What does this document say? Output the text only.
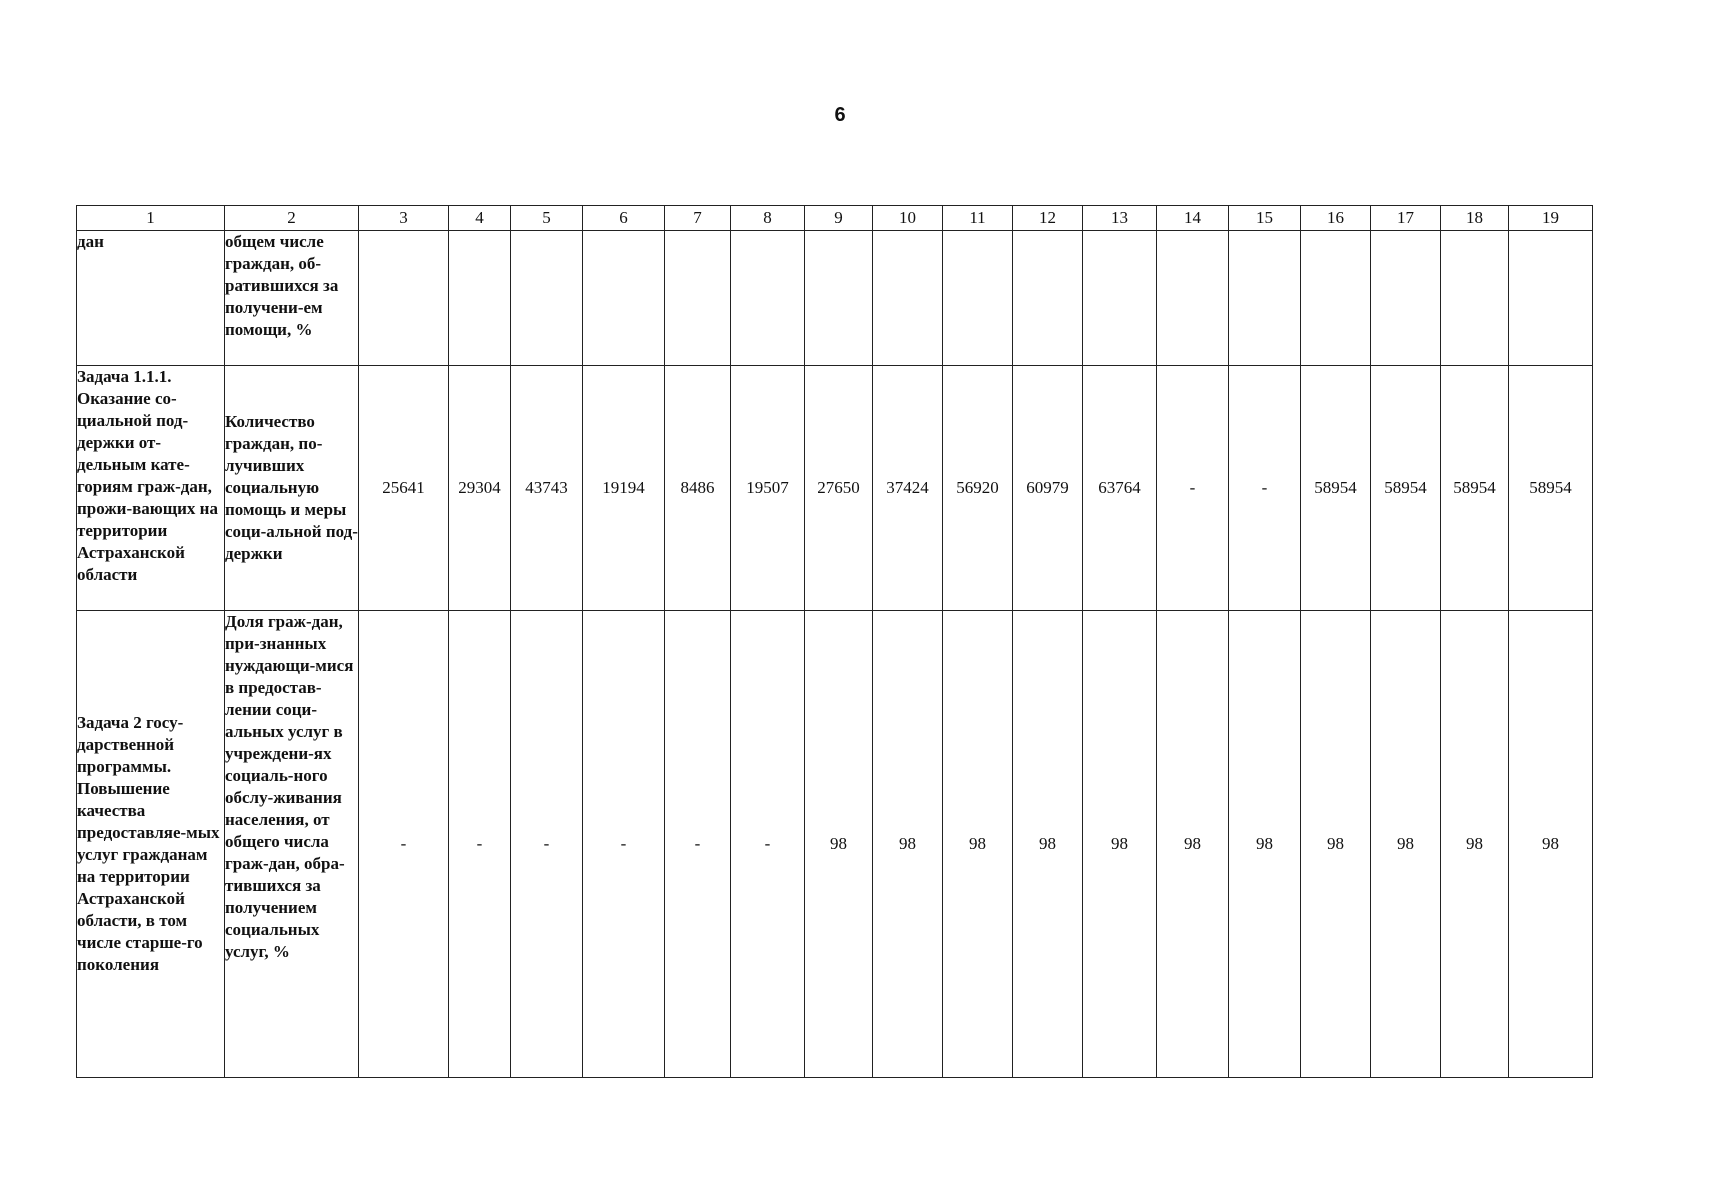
6
1	2	3	4	5	6	7	8	9	10	11	12	13	14	15	16	17	18	19
дан	общем числе граждан, об-ратившихся за получени-ем помощи, %																	
Задача 1.1.1. Оказание со-циальной под-держки от-дельным кате-гориям граж-дан, прожи-вающих на территории Астраханской области	Количество граждан, по-лучивших социальную помощь и меры соци-альной под-держки	25641	29304	43743	19194	8486	19507	27650	37424	56920	60979	63764	-	-	58954	58954	58954	58954
Задача 2 госу-дарственной программы. Повышение качества предоставляе-мых услуг гражданам на территории Астраханской области, в том числе старше-го поколения	Доля граж-дан, при-знанных нуждающи-мися в предостав-лении соци-альных услуг в учреждени-ях социаль-ного обслу-живания населения, от общего числа граж-дан, обра-тившихся за получением социальных услуг, %	-	-	-	-	-	-	98	98	98	98	98	98	98	98	98	98	98
